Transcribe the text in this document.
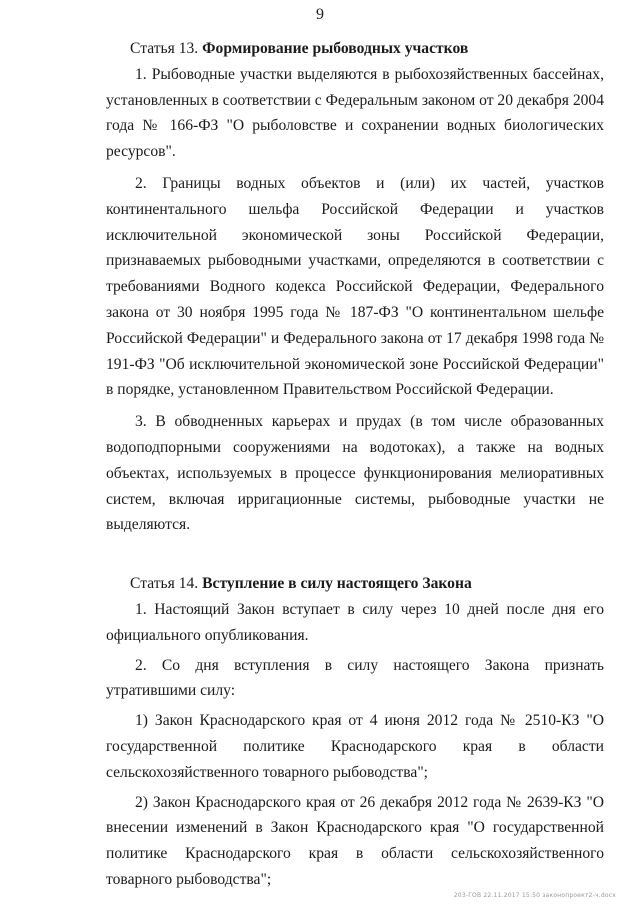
9
Статья 13. Формирование рыбоводных участков

1. Рыбоводные участки выделяются в рыбохозяйственных бассейнах, установленных в соответствии с Федеральным законом от 20 декабря 2004 года № 166-ФЗ "О рыболовстве и сохранении водных биологических ресурсов".

2. Границы водных объектов и (или) их частей, участков континентального шельфа Российской Федерации и участков исключительной экономической зоны Российской Федерации, признаваемых рыбоводными участками, определяются в соответствии с требованиями Водного кодекса Российской Федерации, Федерального закона от 30 ноября 1995 года № 187-ФЗ "О континентальном шельфе Российской Федерации" и Федерального закона от 17 декабря 1998 года № 191-ФЗ "Об исключительной экономической зоне Российской Федерации" в порядке, установленном Правительством Российской Федерации.

3. В обводненных карьерах и прудах (в том числе образованных водоподпорными сооружениями на водотоках), а также на водных объектах, используемых в процессе функционирования мелиоративных систем, включая ирригационные системы, рыбоводные участки не выделяются.

Статья 14. Вступление в силу настоящего Закона

1. Настоящий Закон вступает в силу через 10 дней после дня его официального опубликования.

2. Со дня вступления в силу настоящего Закона признать утратившими силу:

1) Закон Краснодарского края от 4 июня 2012 года № 2510-КЗ "О государственной политике Краснодарского края в области сельскохозяйственного товарного рыбоводства";

2) Закон Краснодарского края от 26 декабря 2012 года № 2639-КЗ "О внесении изменений в Закон Краснодарского края "О государственной политике Краснодарского края в области сельскохозяйственного товарного рыбоводства";

203-ГОВ 22.11.2017 15:50 законопроект2-ч.docx
